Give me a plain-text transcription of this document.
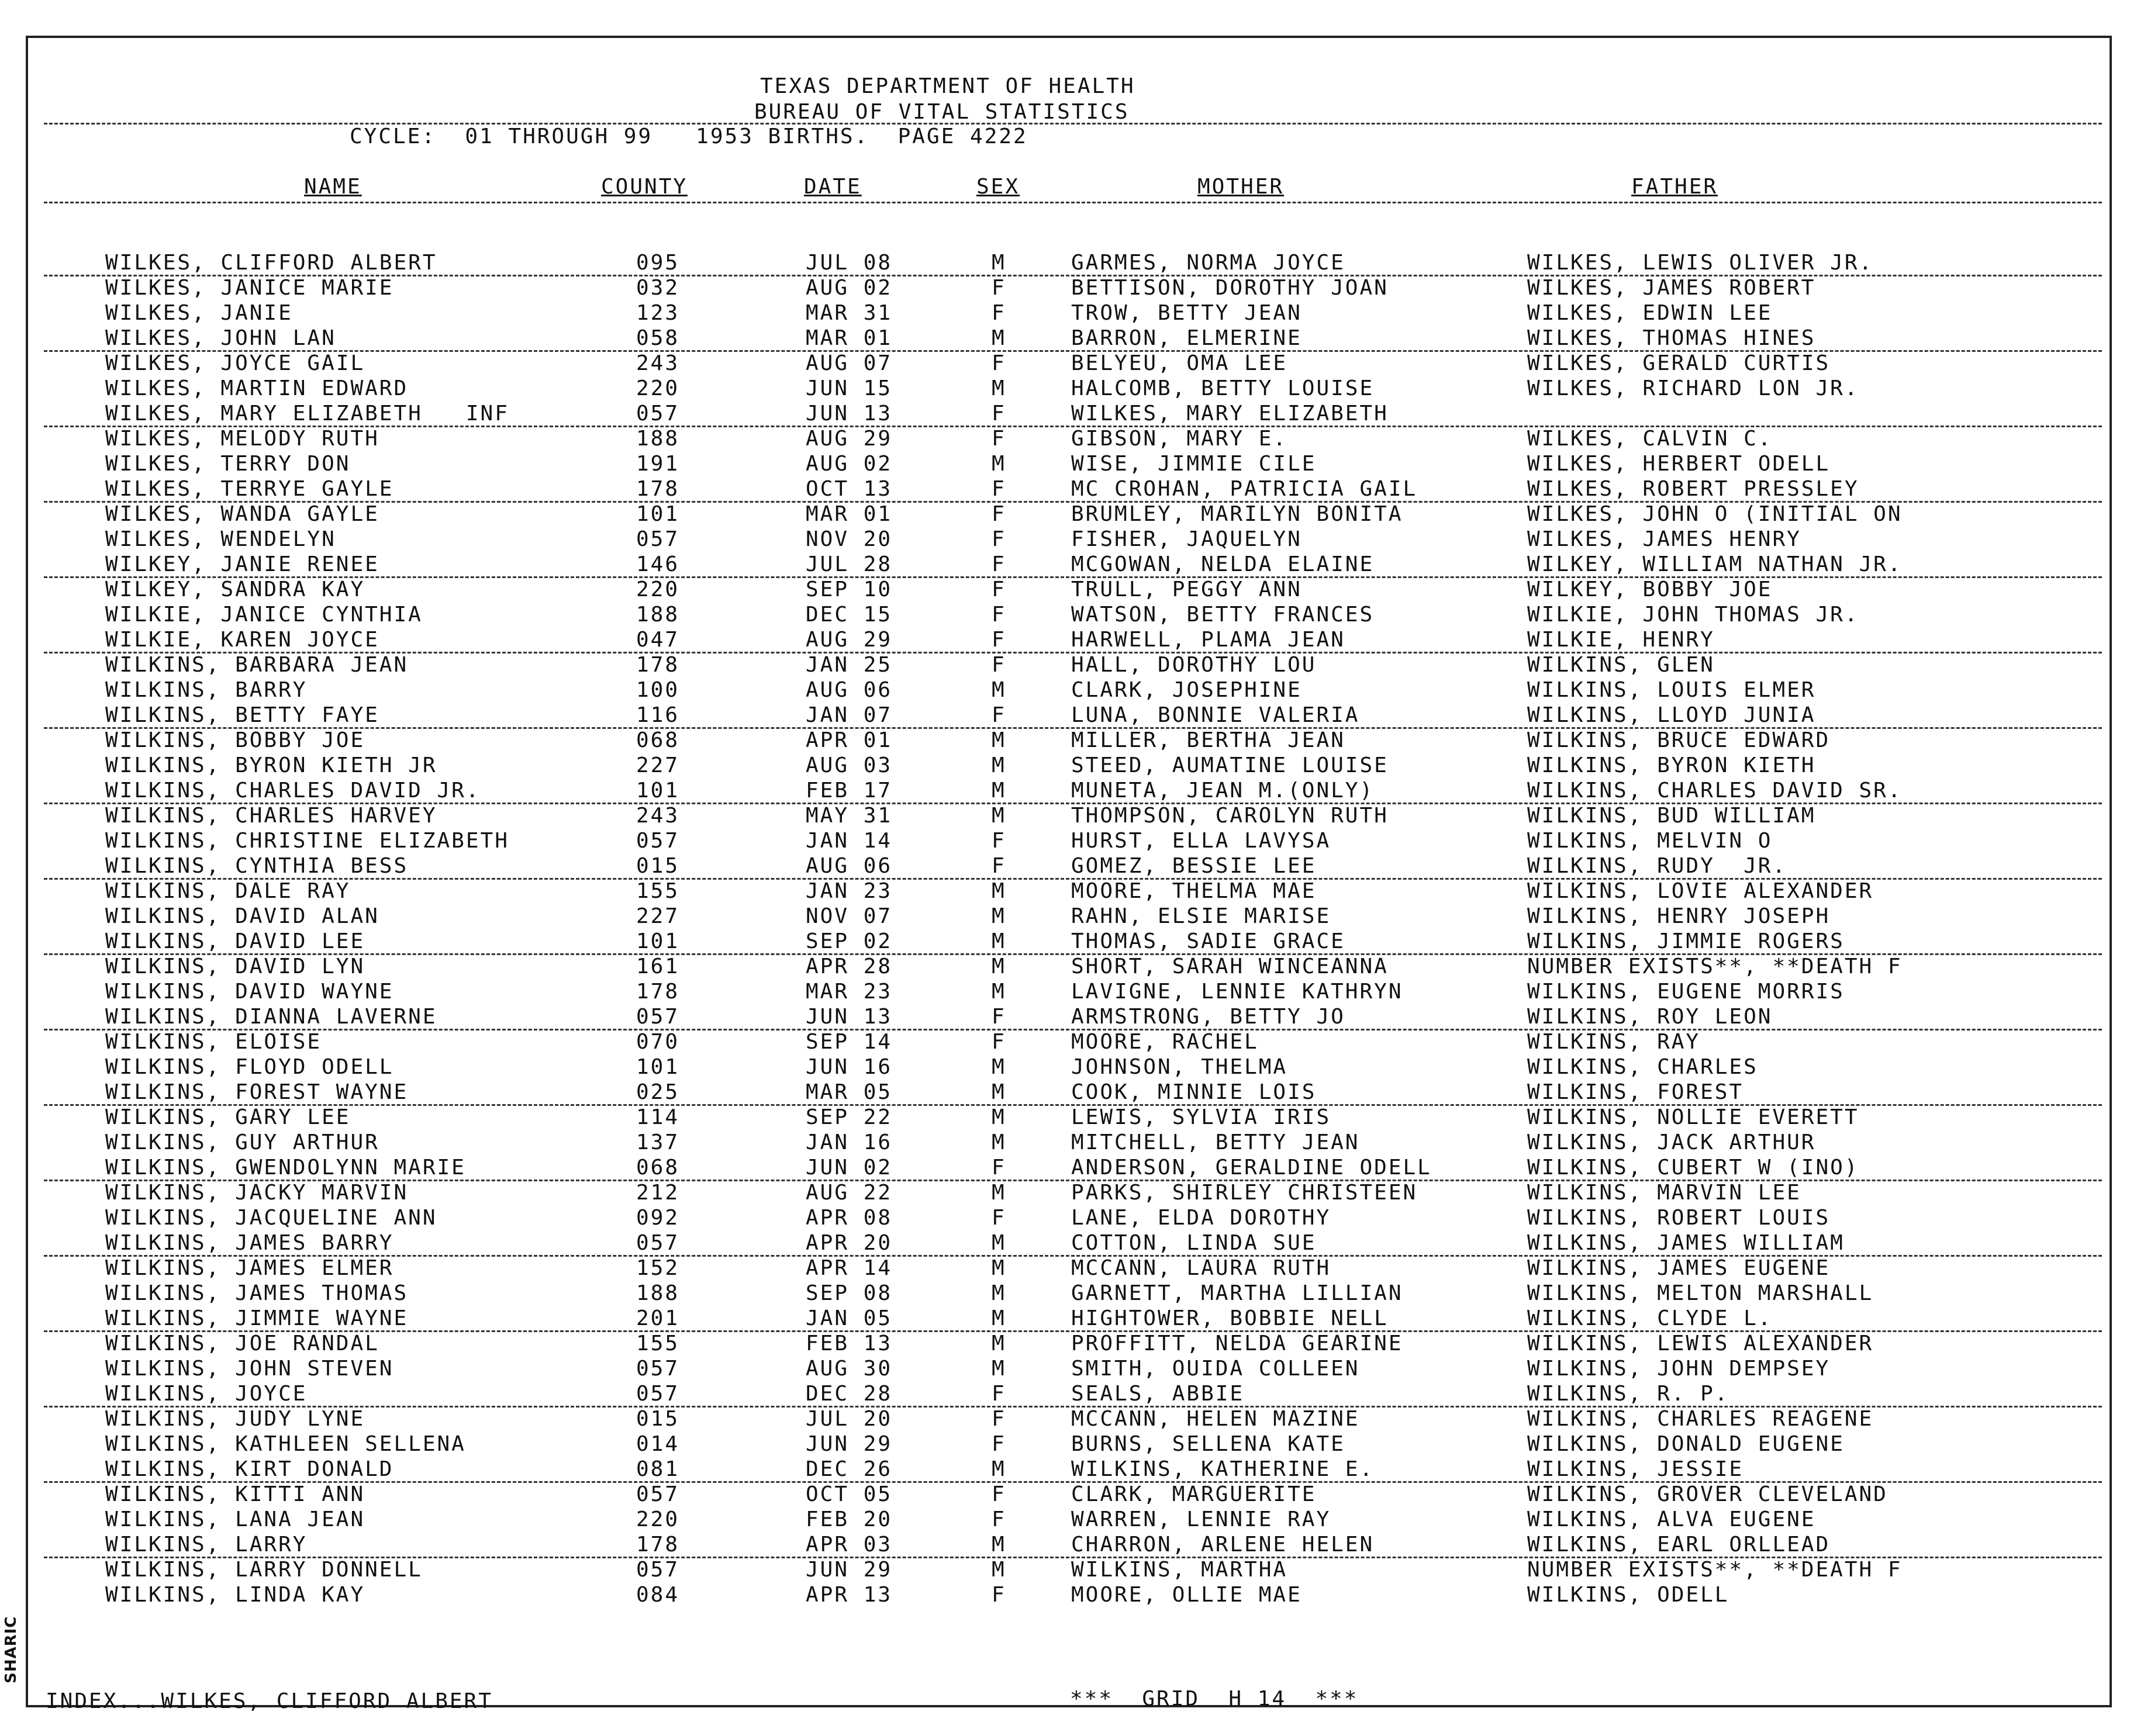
TEXAS DEPARTMENT OF HEALTH
BUREAU OF VITAL STATISTICS
CYCLE:  01 THROUGH 99   1953 BIRTHS.  PAGE 4222
NAME	COUNTY	DATE	SEX	MOTHER	FATHER
WILKES, CLIFFORD ALBERT	095	JUL 08	M	GARMES, NORMA JOYCE	WILKES, LEWIS OLIVER JR.
WILKES, JANICE MARIE	032	AUG 02	F	BETTISON, DOROTHY JOAN	WILKES, JAMES ROBERT
WILKES, JANIE	123	MAR 31	F	TROW, BETTY JEAN	WILKES, EDWIN LEE
WILKES, JOHN LAN	058	MAR 01	M	BARRON, ELMERINE	WILKES, THOMAS HINES
WILKES, JOYCE GAIL	243	AUG 07	F	BELYEU, OMA LEE	WILKES, GERALD CURTIS
WILKES, MARTIN EDWARD	220	JUN 15	M	HALCOMB, BETTY LOUISE	WILKES, RICHARD LON JR.
WILKES, MARY ELIZABETH   INF	057	JUN 13	F	WILKES, MARY ELIZABETH
WILKES, MELODY RUTH	188	AUG 29	F	GIBSON, MARY E.	WILKES, CALVIN C.
WILKES, TERRY DON	191	AUG 02	M	WISE, JIMMIE CILE	WILKES, HERBERT ODELL
WILKES, TERRYE GAYLE	178	OCT 13	F	MC CROHAN, PATRICIA GAIL	WILKES, ROBERT PRESSLEY
WILKES, WANDA GAYLE	101	MAR 01	F	BRUMLEY, MARILYN BONITA	WILKES, JOHN O (INITIAL ON
WILKES, WENDELYN	057	NOV 20	F	FISHER, JAQUELYN	WILKES, JAMES HENRY
WILKEY, JANIE RENEE	146	JUL 28	F	MCGOWAN, NELDA ELAINE	WILKEY, WILLIAM NATHAN JR.
WILKEY, SANDRA KAY	220	SEP 10	F	TRULL, PEGGY ANN	WILKEY, BOBBY JOE
WILKIE, JANICE CYNTHIA	188	DEC 15	F	WATSON, BETTY FRANCES	WILKIE, JOHN THOMAS JR.
WILKIE, KAREN JOYCE	047	AUG 29	F	HARWELL, PLAMA JEAN	WILKIE, HENRY
WILKINS, BARBARA JEAN	178	JAN 25	F	HALL, DOROTHY LOU	WILKINS, GLEN
WILKINS, BARRY	100	AUG 06	M	CLARK, JOSEPHINE	WILKINS, LOUIS ELMER
WILKINS, BETTY FAYE	116	JAN 07	F	LUNA, BONNIE VALERIA	WILKINS, LLOYD JUNIA
WILKINS, BOBBY JOE	068	APR 01	M	MILLER, BERTHA JEAN	WILKINS, BRUCE EDWARD
WILKINS, BYRON KIETH JR	227	AUG 03	M	STEED, AUMATINE LOUISE	WILKINS, BYRON KIETH
WILKINS, CHARLES DAVID JR.	101	FEB 17	M	MUNETA, JEAN M.(ONLY)	WILKINS, CHARLES DAVID SR.
WILKINS, CHARLES HARVEY	243	MAY 31	M	THOMPSON, CAROLYN RUTH	WILKINS, BUD WILLIAM
WILKINS, CHRISTINE ELIZABETH	057	JAN 14	F	HURST, ELLA LAVYSA	WILKINS, MELVIN O
WILKINS, CYNTHIA BESS	015	AUG 06	F	GOMEZ, BESSIE LEE	WILKINS, RUDY  JR.
WILKINS, DALE RAY	155	JAN 23	M	MOORE, THELMA MAE	WILKINS, LOVIE ALEXANDER
WILKINS, DAVID ALAN	227	NOV 07	M	RAHN, ELSIE MARISE	WILKINS, HENRY JOSEPH
WILKINS, DAVID LEE	101	SEP 02	M	THOMAS, SADIE GRACE	WILKINS, JIMMIE ROGERS
WILKINS, DAVID LYN	161	APR 28	M	SHORT, SARAH WINCEANNA	NUMBER EXISTS**, **DEATH F
WILKINS, DAVID WAYNE	178	MAR 23	M	LAVIGNE, LENNIE KATHRYN	WILKINS, EUGENE MORRIS
WILKINS, DIANNA LAVERNE	057	JUN 13	F	ARMSTRONG, BETTY JO	WILKINS, ROY LEON
WILKINS, ELOISE	070	SEP 14	F	MOORE, RACHEL	WILKINS, RAY
WILKINS, FLOYD ODELL	101	JUN 16	M	JOHNSON, THELMA	WILKINS, CHARLES
WILKINS, FOREST WAYNE	025	MAR 05	M	COOK, MINNIE LOIS	WILKINS, FOREST
WILKINS, GARY LEE	114	SEP 22	M	LEWIS, SYLVIA IRIS	WILKINS, NOLLIE EVERETT
WILKINS, GUY ARTHUR	137	JAN 16	M	MITCHELL, BETTY JEAN	WILKINS, JACK ARTHUR
WILKINS, GWENDOLYNN MARIE	068	JUN 02	F	ANDERSON, GERALDINE ODELL	WILKINS, CUBERT W (INO)
WILKINS, JACKY MARVIN	212	AUG 22	M	PARKS, SHIRLEY CHRISTEEN	WILKINS, MARVIN LEE
WILKINS, JACQUELINE ANN	092	APR 08	F	LANE, ELDA DOROTHY	WILKINS, ROBERT LOUIS
WILKINS, JAMES BARRY	057	APR 20	M	COTTON, LINDA SUE	WILKINS, JAMES WILLIAM
WILKINS, JAMES ELMER	152	APR 14	M	MCCANN, LAURA RUTH	WILKINS, JAMES EUGENE
WILKINS, JAMES THOMAS	188	SEP 08	M	GARNETT, MARTHA LILLIAN	WILKINS, MELTON MARSHALL
WILKINS, JIMMIE WAYNE	201	JAN 05	M	HIGHTOWER, BOBBIE NELL	WILKINS, CLYDE L.
WILKINS, JOE RANDAL	155	FEB 13	M	PROFFITT, NELDA GEARINE	WILKINS, LEWIS ALEXANDER
WILKINS, JOHN STEVEN	057	AUG 30	M	SMITH, OUIDA COLLEEN	WILKINS, JOHN DEMPSEY
WILKINS, JOYCE	057	DEC 28	F	SEALS, ABBIE	WILKINS, R. P.
WILKINS, JUDY LYNE	015	JUL 20	F	MCCANN, HELEN MAZINE	WILKINS, CHARLES REAGENE
WILKINS, KATHLEEN SELLENA	014	JUN 29	F	BURNS, SELLENA KATE	WILKINS, DONALD EUGENE
WILKINS, KIRT DONALD	081	DEC 26	M	WILKINS, KATHERINE E.	WILKINS, JESSIE
WILKINS, KITTI ANN	057	OCT 05	F	CLARK, MARGUERITE	WILKINS, GROVER CLEVELAND
WILKINS, LANA JEAN	220	FEB 20	F	WARREN, LENNIE RAY	WILKINS, ALVA EUGENE
WILKINS, LARRY	178	APR 03	M	CHARRON, ARLENE HELEN	WILKINS, EARL ORLLEAD
WILKINS, LARRY DONNELL	057	JUN 29	M	WILKINS, MARTHA	NUMBER EXISTS**, **DEATH F
WILKINS, LINDA KAY	084	APR 13	F	MOORE, OLLIE MAE	WILKINS, ODELL
INDEX...WILKES, CLIFFORD ALBERT	***  GRID  H 14  ***
SHARIC
